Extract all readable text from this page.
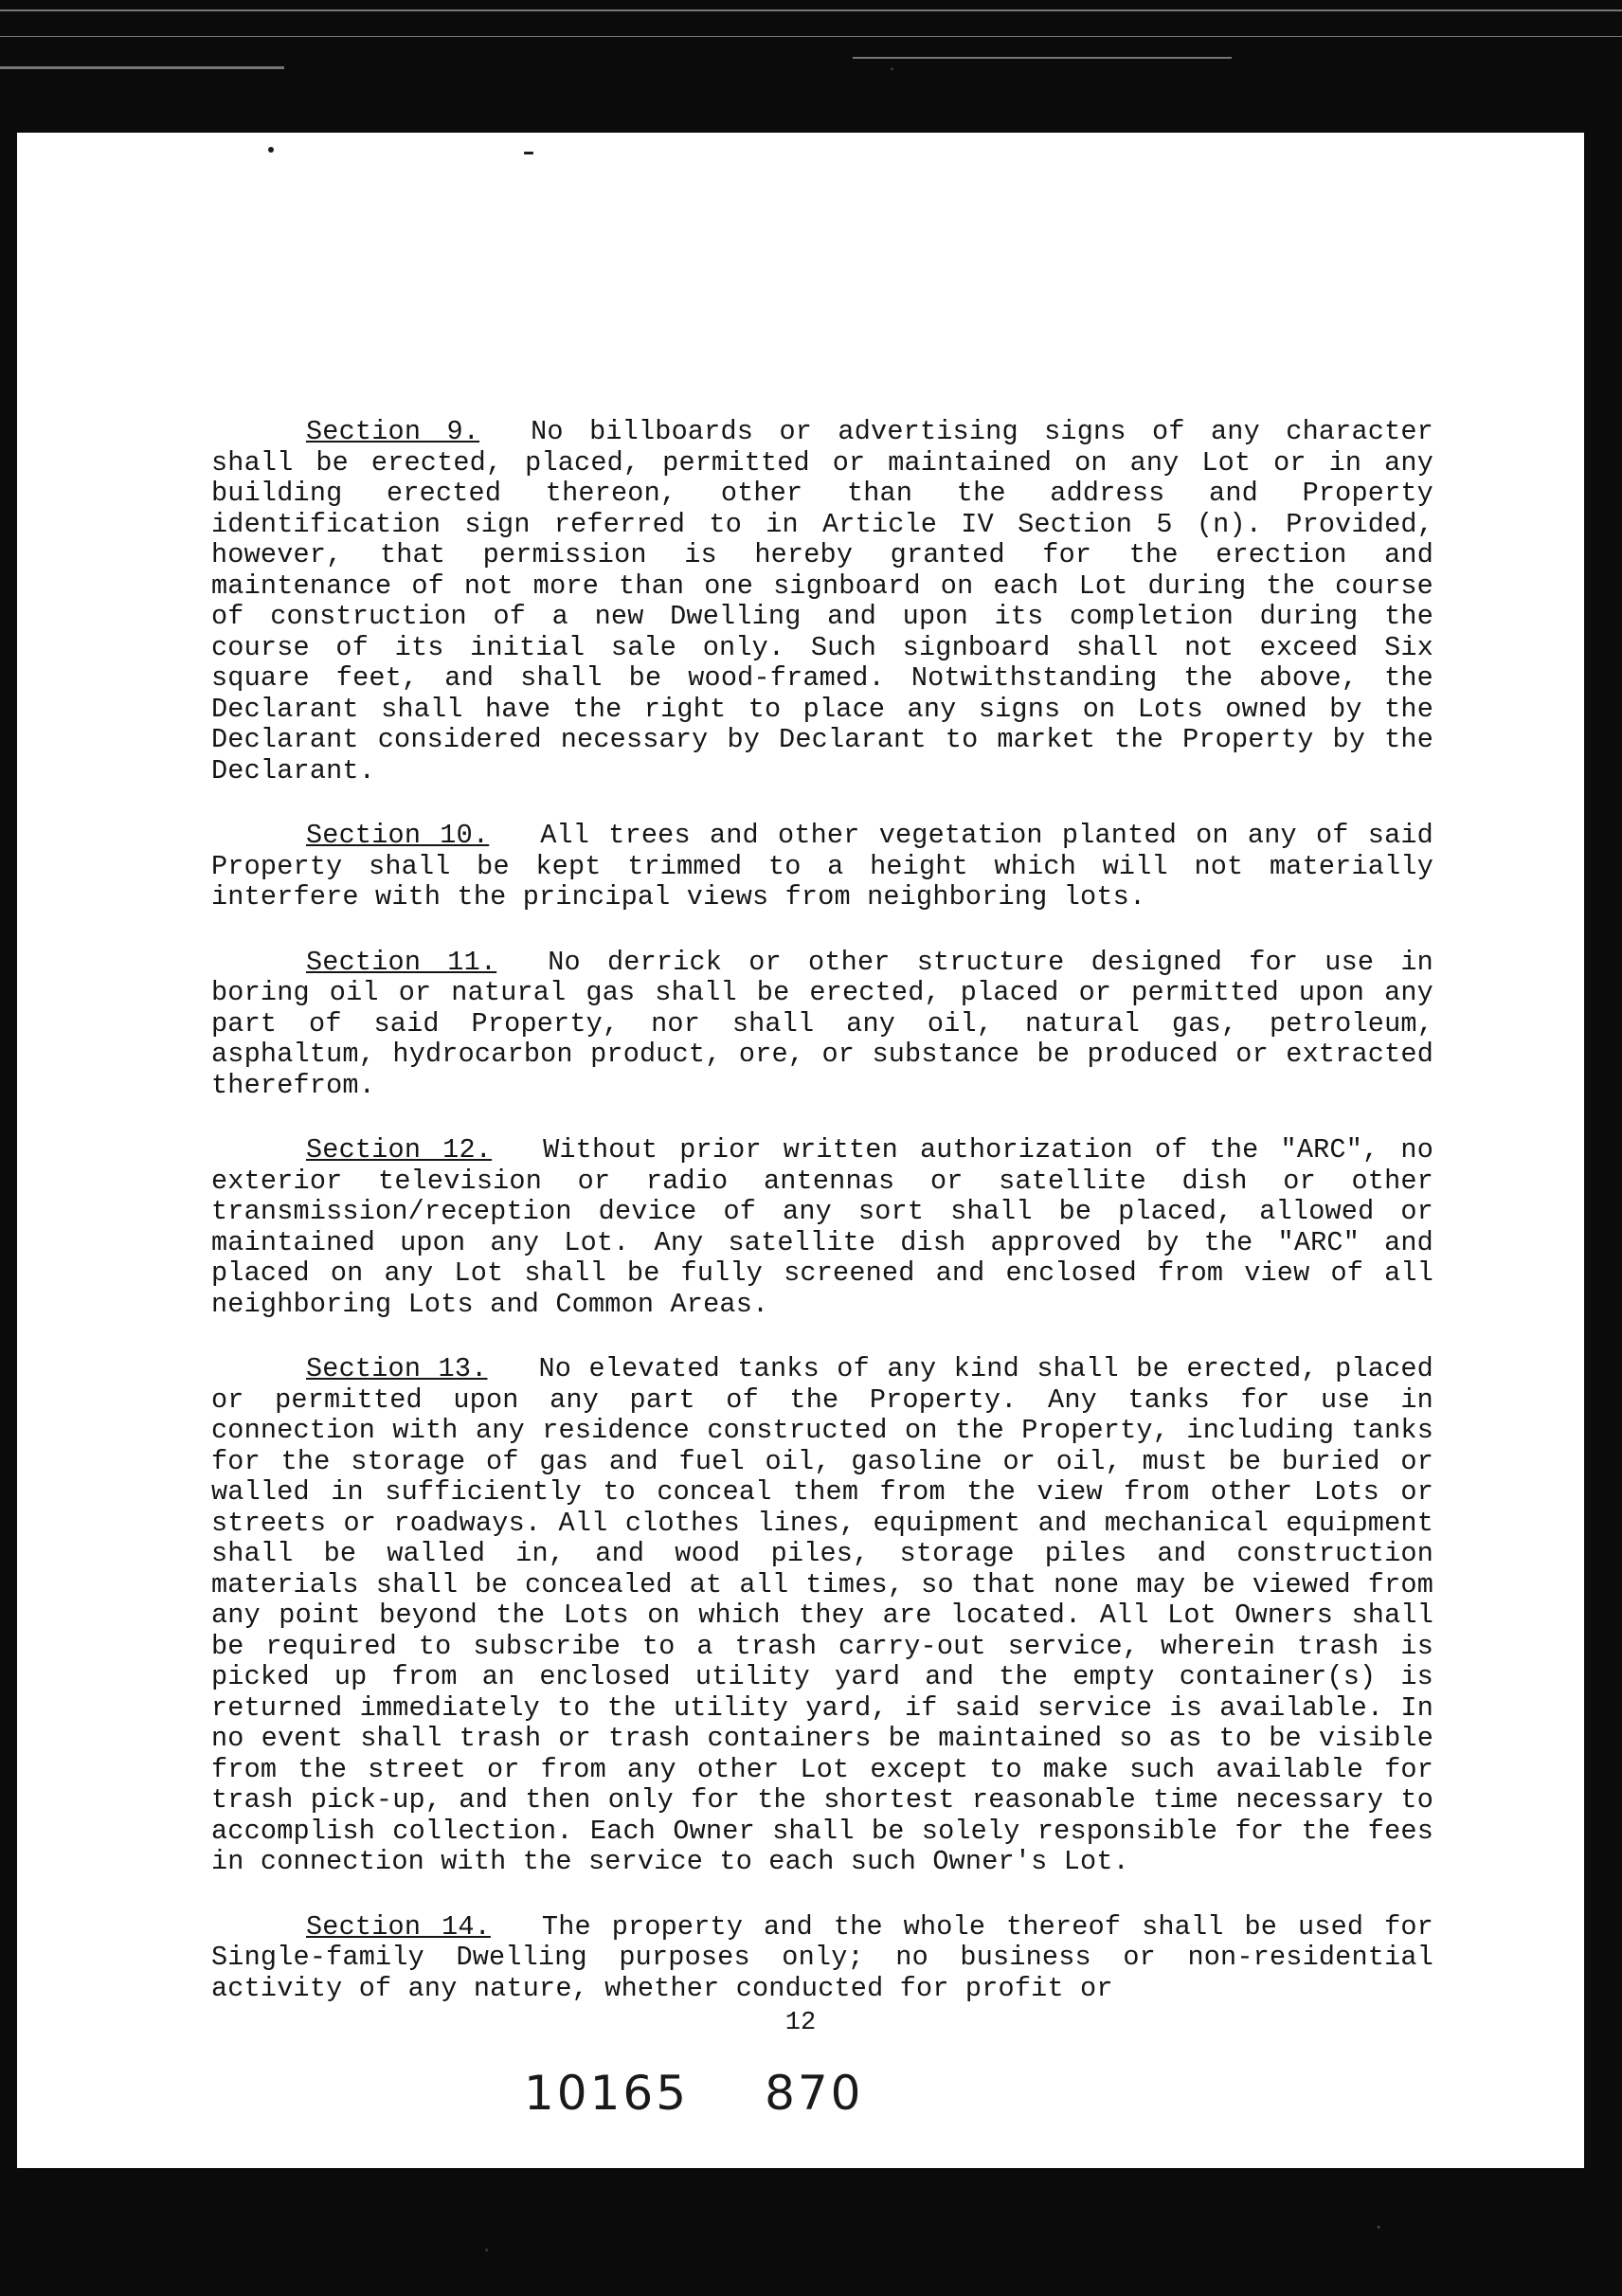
Section 9. No billboards or advertising signs of any character shall be erected, placed, permitted or maintained on any Lot or in any building erected thereon, other than the address and Property identification sign referred to in Article IV Section 5 (n). Provided, however, that permission is hereby granted for the erection and maintenance of not more than one signboard on each Lot during the course of construction of a new Dwelling and upon its completion during the course of its initial sale only. Such signboard shall not exceed Six square feet, and shall be wood-framed. Notwithstanding the above, the Declarant shall have the right to place any signs on Lots owned by the Declarant considered necessary by Declarant to market the Property by the Declarant.

Section 10. All trees and other vegetation planted on any of said Property shall be kept trimmed to a height which will not materially interfere with the principal views from neighboring lots.

Section 11. No derrick or other structure designed for use in boring oil or natural gas shall be erected, placed or permitted upon any part of said Property, nor shall any oil, natural gas, petroleum, asphaltum, hydrocarbon product, ore, or substance be produced or extracted therefrom.

Section 12. Without prior written authorization of the "ARC", no exterior television or radio antennas or satellite dish or other transmission/reception device of any sort shall be placed, allowed or maintained upon any Lot. Any satellite dish approved by the "ARC" and placed on any Lot shall be fully screened and enclosed from view of all neighboring Lots and Common Areas.

Section 13. No elevated tanks of any kind shall be erected, placed or permitted upon any part of the Property. Any tanks for use in connection with any residence constructed on the Property, including tanks for the storage of gas and fuel oil, gasoline or oil, must be buried or walled in sufficiently to conceal them from the view from other Lots or streets or roadways. All clothes lines, equipment and mechanical equipment shall be walled in, and wood piles, storage piles and construction materials shall be concealed at all times, so that none may be viewed from any point beyond the Lots on which they are located. All Lot Owners shall be required to subscribe to a trash carry-out service, wherein trash is picked up from an enclosed utility yard and the empty container(s) is returned immediately to the utility yard, if said service is available. In no event shall trash or trash containers be maintained so as to be visible from the street or from any other Lot except to make such available for trash pick-up, and then only for the shortest reasonable time necessary to accomplish collection. Each Owner shall be solely responsible for the fees in connection with the service to each such Owner's Lot.

Section 14. The property and the whole thereof shall be used for Single-family Dwelling purposes only; no business or non-residential activity of any nature, whether conducted for profit or

12
10165 870
